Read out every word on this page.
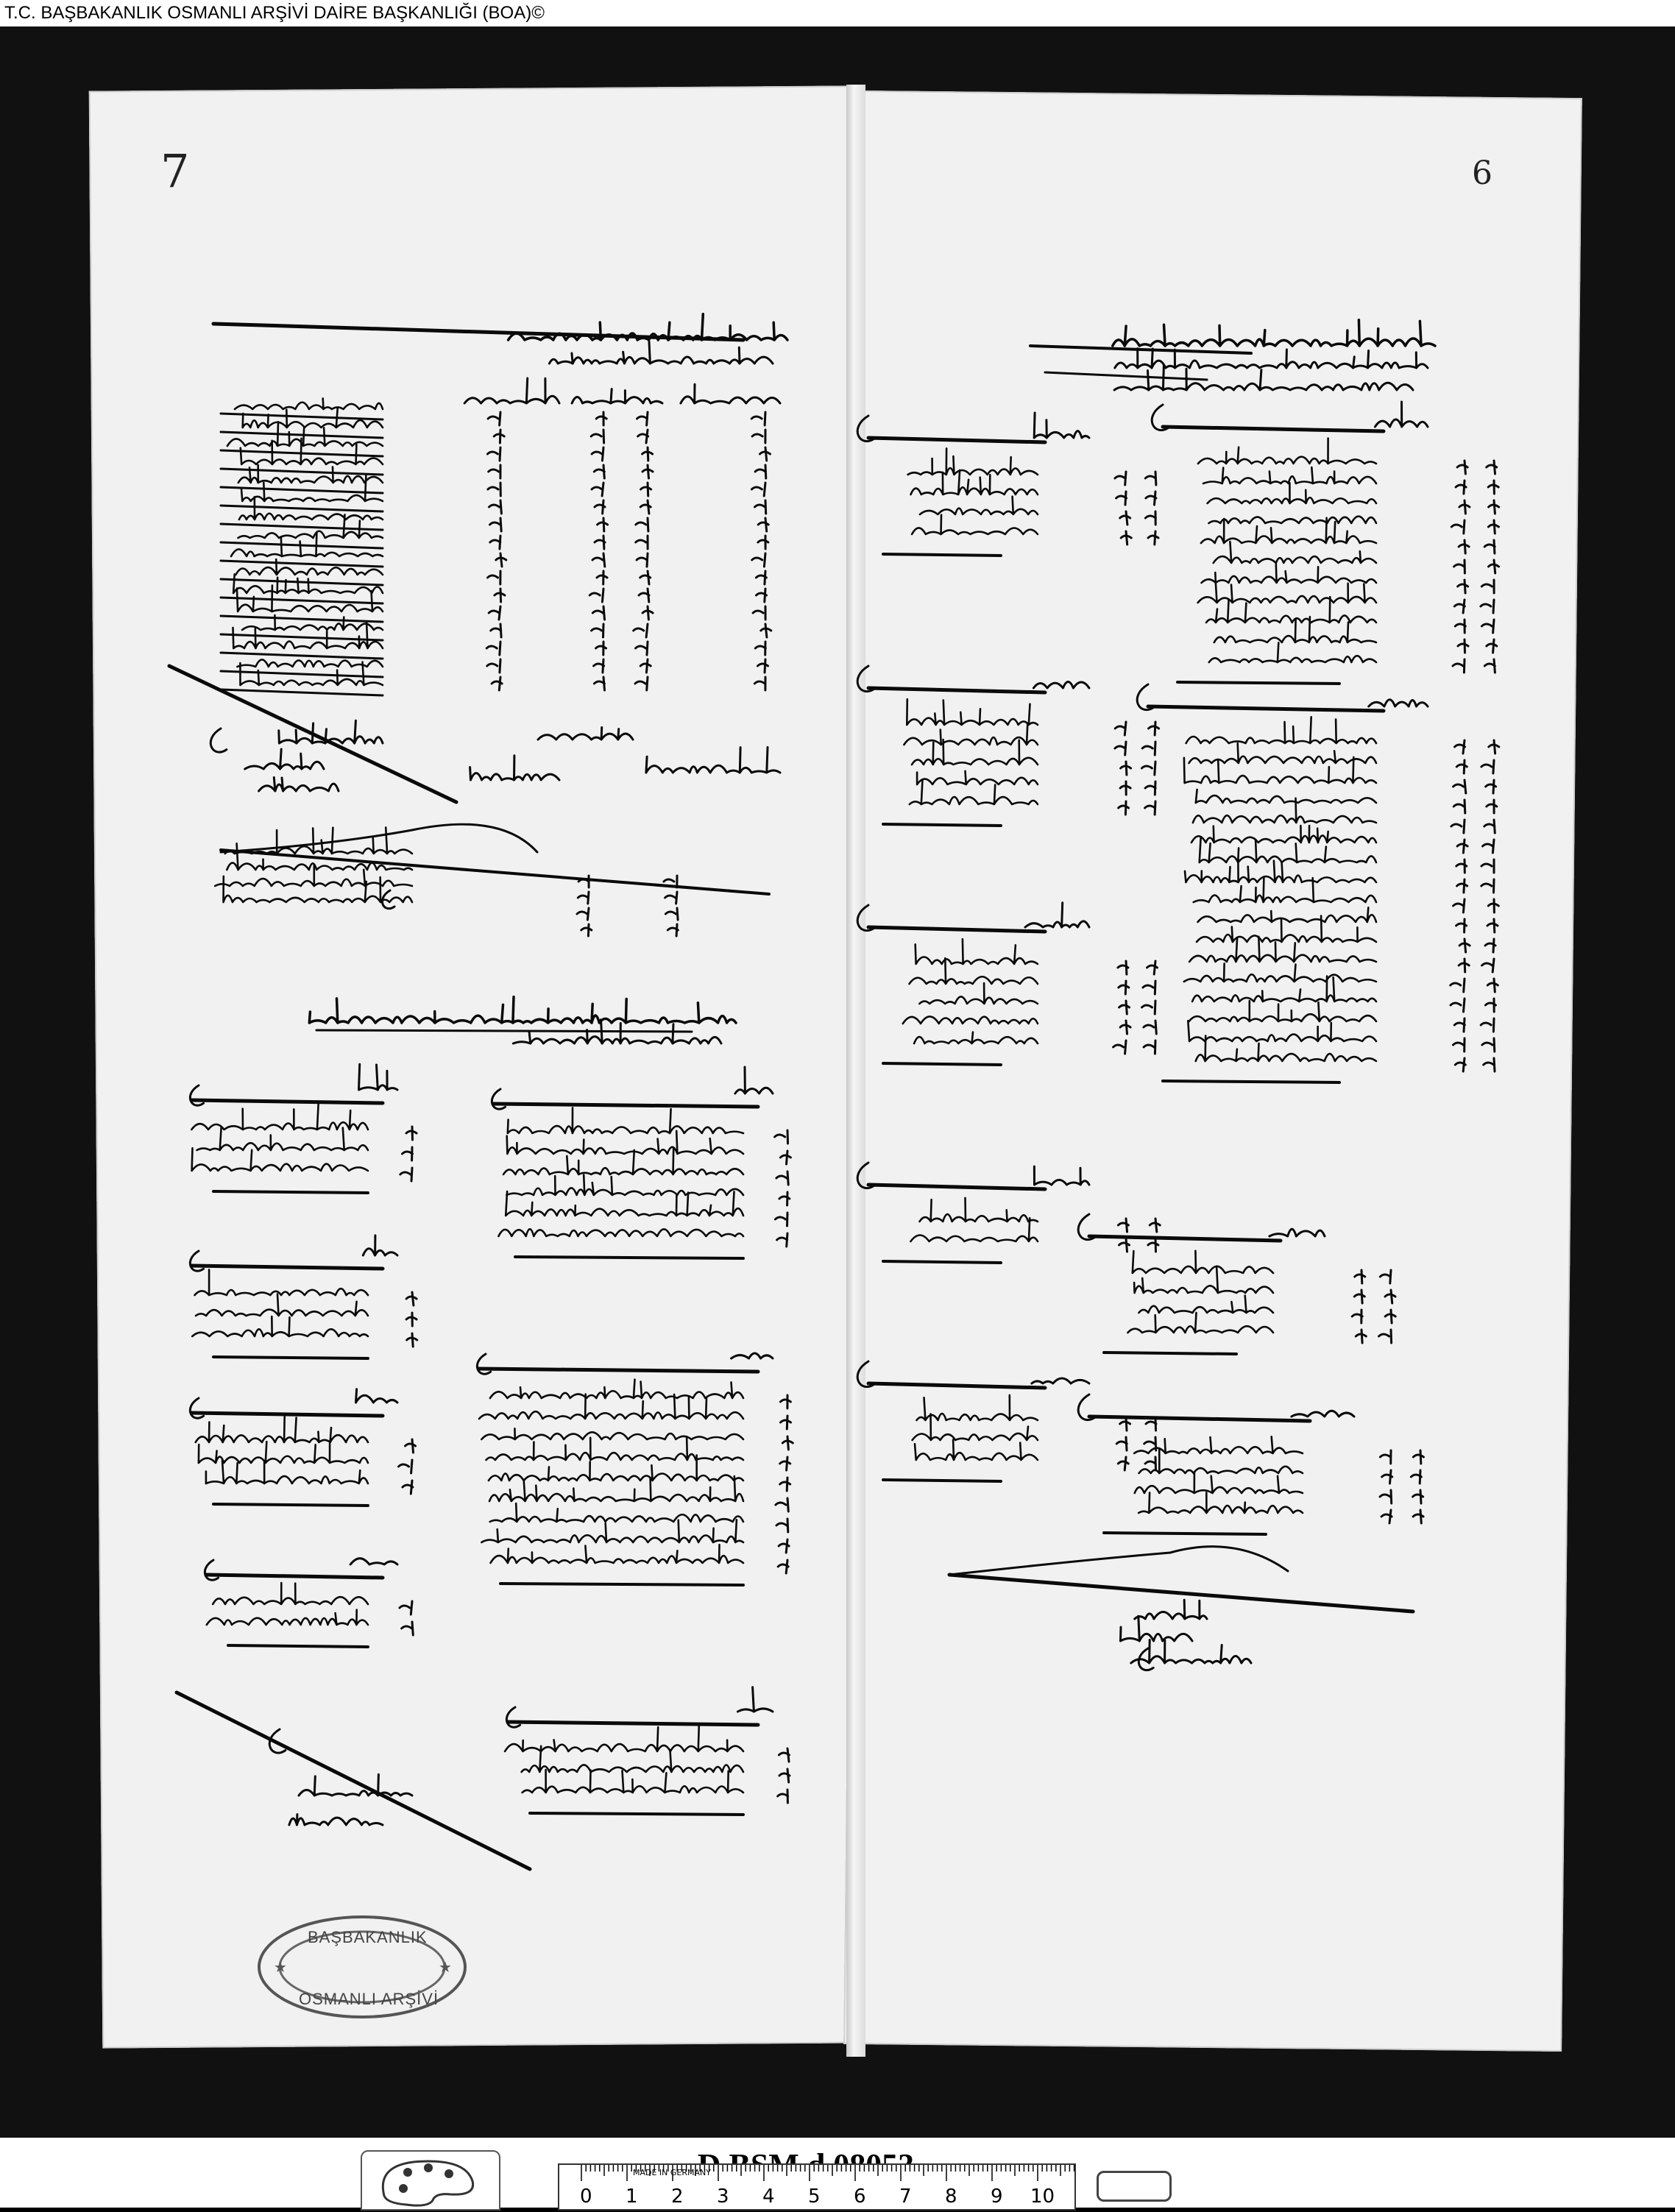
T.C. BAŞBAKANLIK OSMANLI ARŞİVİ DAİRE BAŞKANLIĞI (BOA)©
7	6
★	★
BAŞBAKANLIK
OSMANLI ARŞİVİ
MADE IN GERMANY
0 1 2 3 4 5 6 7 8 9 10
